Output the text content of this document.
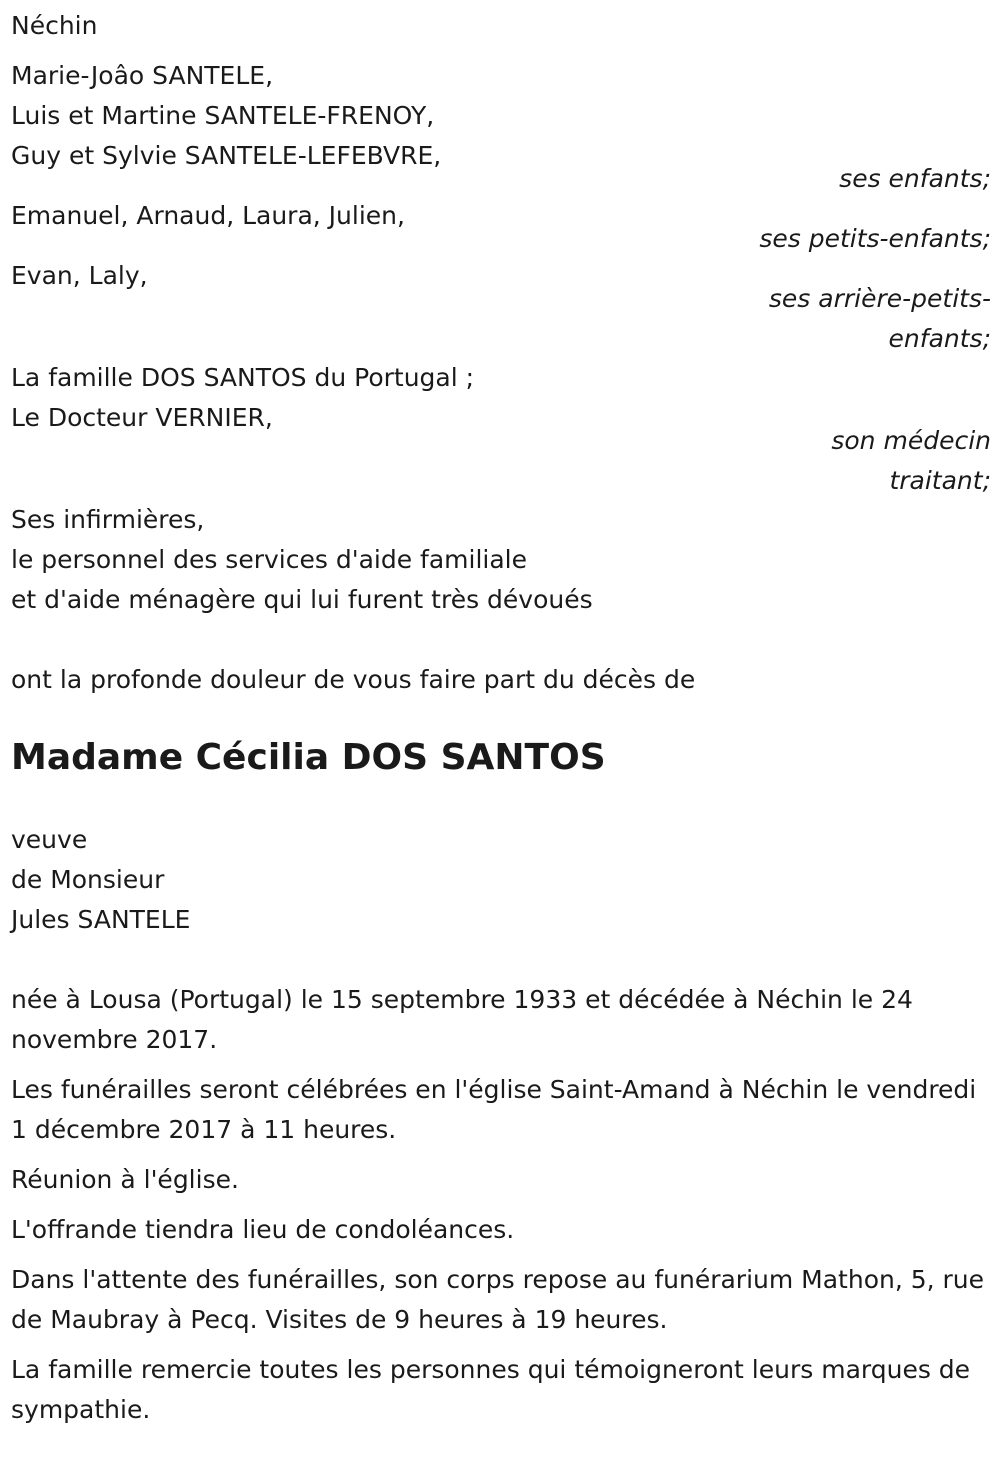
Néchin
Marie-Joâo SANTELE,
Luis et Martine SANTELE-FRENOY,
Guy et Sylvie SANTELE-LEFEBVRE,
ses enfants;
Emanuel, Arnaud, Laura, Julien,
ses petits-enfants;
Evan, Laly,
ses arrière-petits-
enfants;
La famille DOS SANTOS du Portugal ;
Le Docteur VERNIER,
son médecin
traitant;
Ses infirmières,
le personnel des services d'aide familiale
et d'aide ménagère qui lui furent très dévoués
ont la profonde douleur de vous faire part du décès de
Madame Cécilia DOS SANTOS
veuve
de Monsieur
Jules SANTELE
née à Lousa (Portugal) le 15 septembre 1933 et décédée à Néchin le 24 novembre 2017.
Les funérailles seront célébrées en l'église Saint-Amand à Néchin le vendredi 1 décembre 2017 à 11 heures.
Réunion à l'église.
L'offrande tiendra lieu de condoléances.
Dans l'attente des funérailles, son corps repose au funérarium Mathon, 5, rue de Maubray à Pecq. Visites de 9 heures à 19 heures.
La famille remercie toutes les personnes qui témoigneront leurs marques de sympathie.
